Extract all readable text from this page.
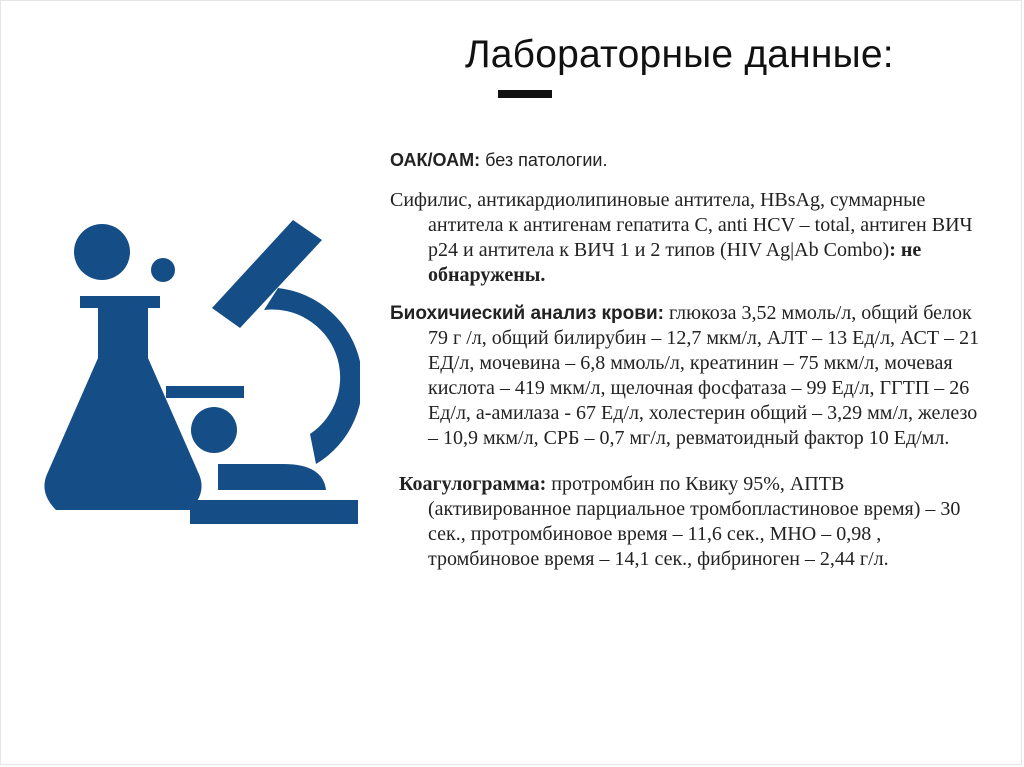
Лабораторные данные:

ОАК/ОАМ: без патологии.

Сифилис, антикардиолипиновые антитела, HBsAg, суммарные антитела к антигенам гепатита С, anti HCV – total, антиген ВИЧ р24 и антитела к ВИЧ 1 и 2 типов (HIV Ag|Ab Combo): не обнаружены.

Биохичиеский анализ крови: глюкоза 3,52 ммоль/л, общий белок 79 г /л, общий билирубин – 12,7 мкм/л, АЛТ – 13 Ед/л, АСТ – 21 ЕД/л, мочевина – 6,8 ммоль/л, креатинин – 75 мкм/л, мочевая кислота – 419 мкм/л, щелочная фосфатаза – 99 Ед/л, ГГТП – 26 Ед/л, а-амилаза - 67 Ед/л, холестерин общий – 3,29 мм/л, железо – 10,9 мкм/л, СРБ – 0,7 мг/л, ревматоидный фактор 10 Ед/мл.

Коагулограмма: протромбин по Квику 95%, АПТВ (активированное парциальное тромбопластиновое время) – 30 сек., протромбиновое время – 11,6 сек., МНО – 0,98 , тромбиновое время – 14,1 сек., фибриноген – 2,44 г/л.
